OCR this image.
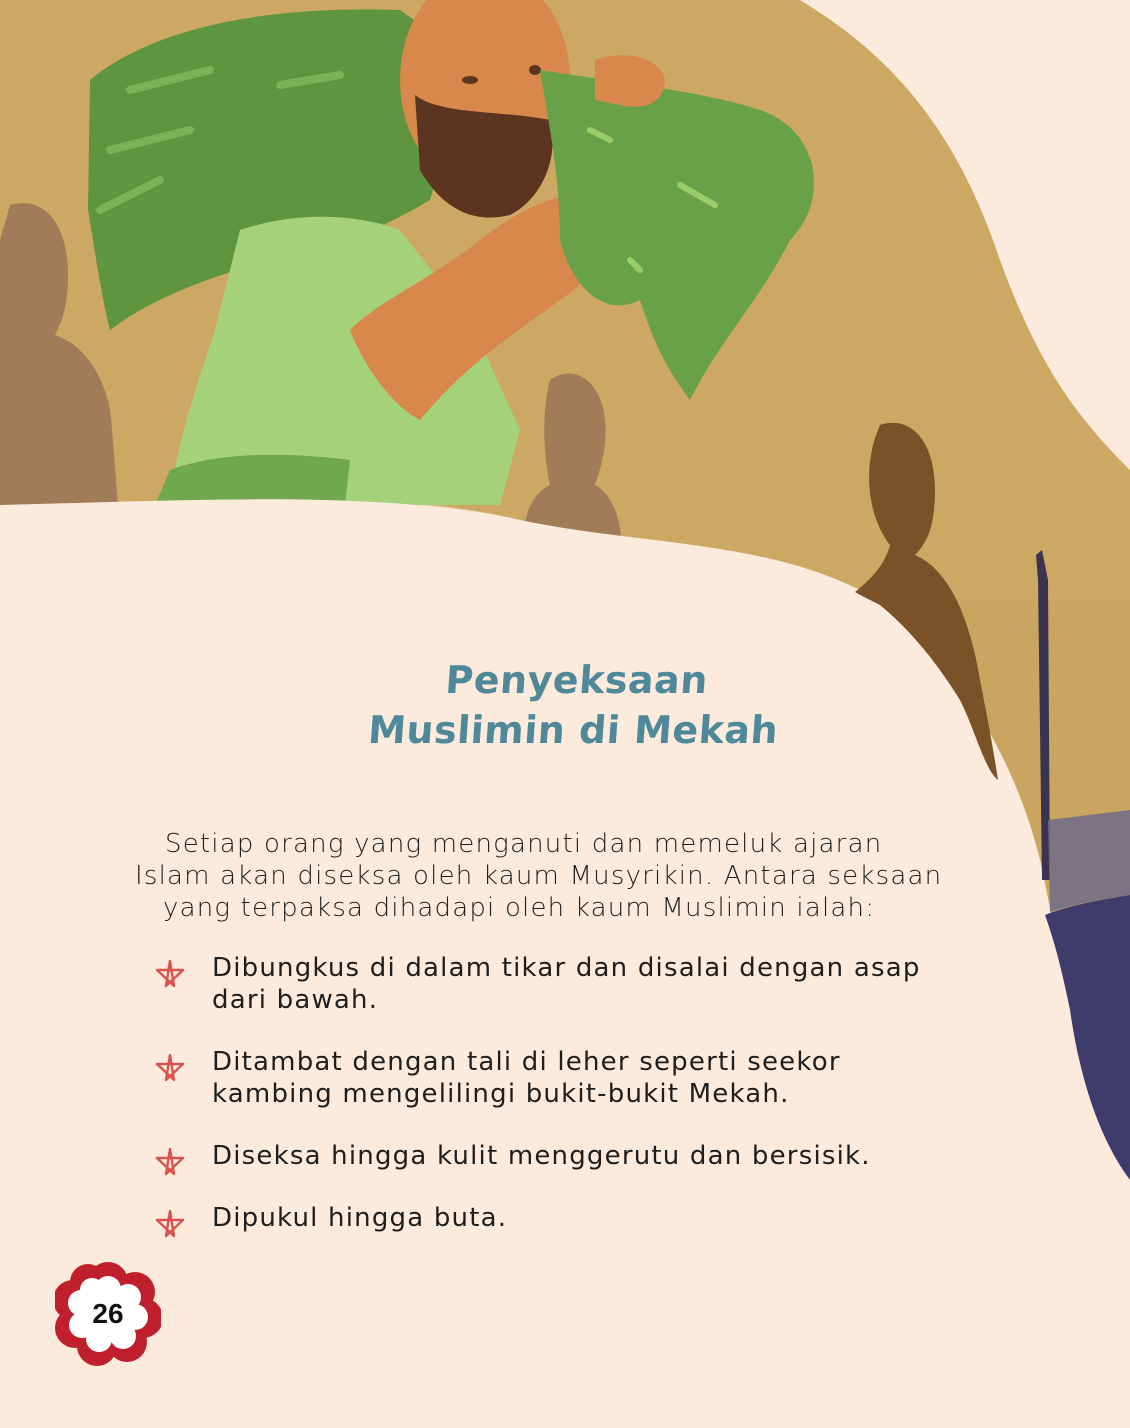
Penyeksaan
Muslimin di Mekah
Setiap orang yang menganuti dan memeluk ajaran
Islam akan diseksa oleh kaum Musyrikin. Antara seksaan
yang terpaksa dihadapi oleh kaum Muslimin ialah:
Dibungkus di dalam tikar dan disalai dengan asap
dari bawah.
Ditambat dengan tali di leher seperti seekor
kambing mengelilingi bukit-bukit Mekah.
Diseksa hingga kulit menggerutu dan bersisik.
Dipukul hingga buta.
26
